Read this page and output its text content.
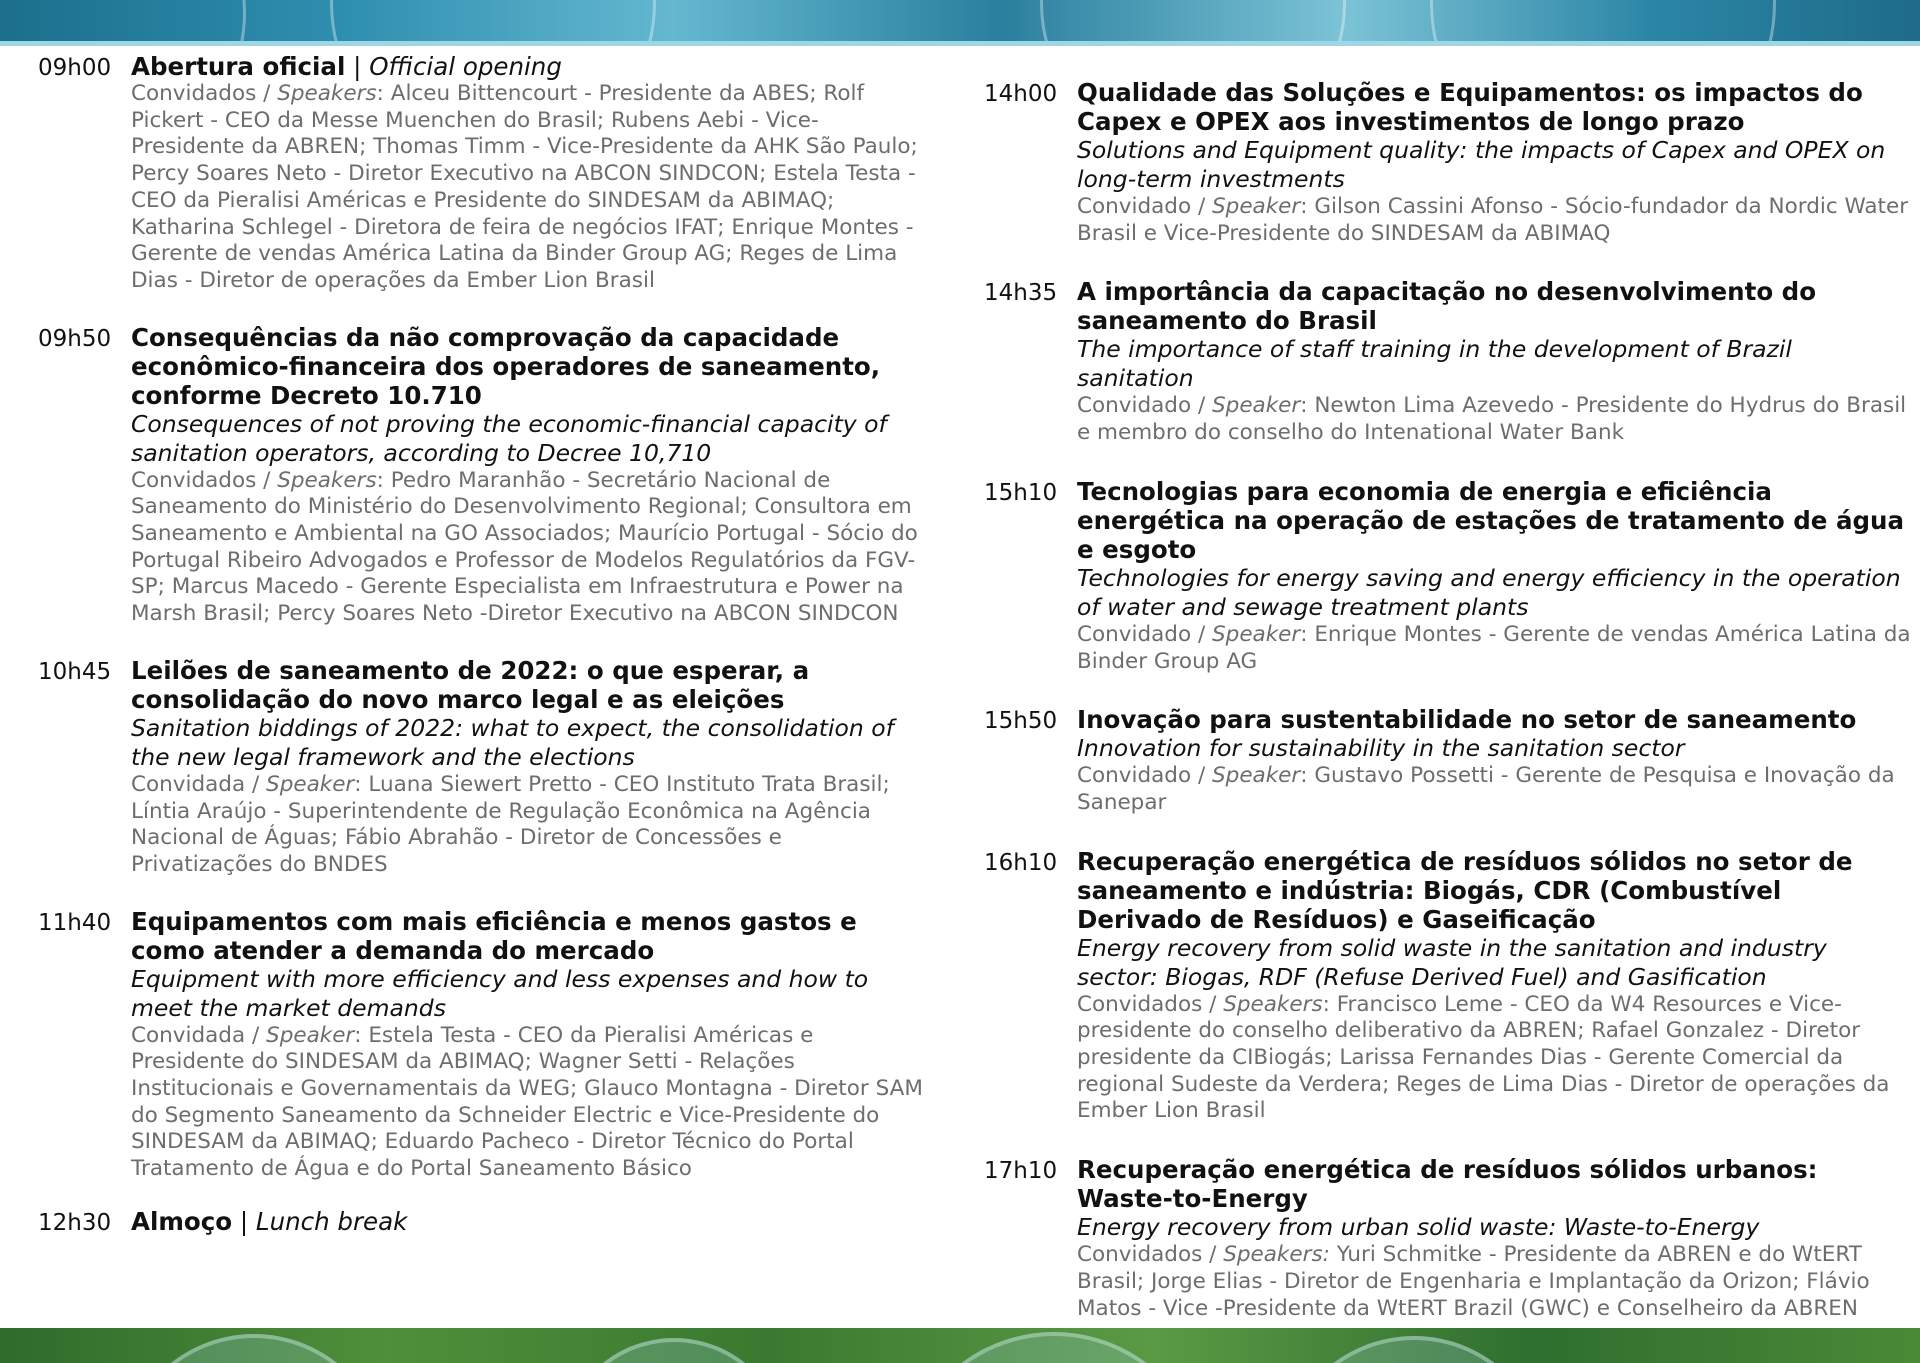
09h00 Abertura oficial | Official opening
Convidados / Speakers: Alceu Bittencourt - Presidente da ABES; Rolf Pickert - CEO da Messe Muenchen do Brasil; Rubens Aebi - Vice-Presidente da ABREN; Thomas Timm - Vice-Presidente da AHK São Paulo; Percy Soares Neto - Diretor Executivo na ABCON SINDCON; Estela Testa - CEO da Pieralisi Américas e Presidente do SINDESAM da ABIMAQ; Katharina Schlegel - Diretora de feira de negócios IFAT; Enrique Montes - Gerente de vendas América Latina da Binder Group AG; Reges de Lima Dias - Diretor de operações da Ember Lion Brasil
09h50 Consequências da não comprovação da capacidade econômico-financeira dos operadores de saneamento, conforme Decreto 10.710
Consequences of not proving the economic-financial capacity of sanitation operators, according to Decree 10,710
Convidados / Speakers: Pedro Maranhão - Secretário Nacional de Saneamento do Ministério do Desenvolvimento Regional; Consultora em Saneamento e Ambiental na GO Associados; Maurício Portugal - Sócio do Portugal Ribeiro Advogados e Professor de Modelos Regulatórios da FGV-SP; Marcus Macedo - Gerente Especialista em Infraestrutura e Power na Marsh Brasil; Percy Soares Neto -Diretor Executivo na ABCON SINDCON
10h45 Leilões de saneamento de 2022: o que esperar, a consolidação do novo marco legal e as eleições
Sanitation biddings of 2022: what to expect, the consolidation of the new legal framework and the elections
Convidada / Speaker: Luana Siewert Pretto - CEO Instituto Trata Brasil; Líntia Araújo - Superintendente de Regulação Econômica na Agência Nacional de Águas; Fábio Abrahão - Diretor de Concessões e Privatizações do BNDES
11h40 Equipamentos com mais eficiência e menos gastos e como atender a demanda do mercado
Equipment with more efficiency and less expenses and how to meet the market demands
Convidada / Speaker: Estela Testa - CEO da Pieralisi Américas e Presidente do SINDESAM da ABIMAQ; Wagner Setti - Relações Institucionais e Governamentais da WEG; Glauco Montagna - Diretor SAM do Segmento Saneamento da Schneider Electric e Vice-Presidente do SINDESAM da ABIMAQ; Eduardo Pacheco - Diretor Técnico do Portal Tratamento de Água e do Portal Saneamento Básico
12h30 Almoço | Lunch break
14h00 Qualidade das Soluções e Equipamentos: os impactos do Capex e OPEX aos investimentos de longo prazo
Solutions and Equipment quality: the impacts of Capex and OPEX on long-term investments
Convidado / Speaker: Gilson Cassini Afonso - Sócio-fundador da Nordic Water Brasil e Vice-Presidente do SINDESAM da ABIMAQ
14h35 A importância da capacitação no desenvolvimento do saneamento do Brasil
The importance of staff training in the development of Brazil sanitation
Convidado / Speaker: Newton Lima Azevedo - Presidente do Hydrus do Brasil e membro do conselho do Intenational Water Bank
15h10 Tecnologias para economia de energia e eficiência energética na operação de estações de tratamento de água e esgoto
Technologies for energy saving and energy efficiency in the operation of water and sewage treatment plants
Convidado / Speaker: Enrique Montes - Gerente de vendas América Latina da Binder Group AG
15h50 Inovação para sustentabilidade no setor de saneamento
Innovation for sustainability in the sanitation sector
Convidado / Speaker: Gustavo Possetti - Gerente de Pesquisa e Inovação da Sanepar
16h10 Recuperação energética de resíduos sólidos no setor de saneamento e indústria: Biogás, CDR (Combustível Derivado de Resíduos) e Gaseificação
Energy recovery from solid waste in the sanitation and industry sector: Biogas, RDF (Refuse Derived Fuel) and Gasification
Convidados / Speakers: Francisco Leme - CEO da W4 Resources e Vice-presidente do conselho deliberativo da ABREN; Rafael Gonzalez - Diretor presidente da CIBiogás; Larissa Fernandes Dias - Gerente Comercial da regional Sudeste da Verdera; Reges de Lima Dias - Diretor de operações da Ember Lion Brasil
17h10 Recuperação energética de resíduos sólidos urbanos: Waste-to-Energy
Energy recovery from urban solid waste: Waste-to-Energy
Convidados / Speakers: Yuri Schmitke - Presidente da ABREN e do WtERT Brasil; Jorge Elias - Diretor de Engenharia e Implantação da Orizon; Flávio Matos - Vice -Presidente da WtERT Brazil (GWC) e Conselheiro da ABREN
